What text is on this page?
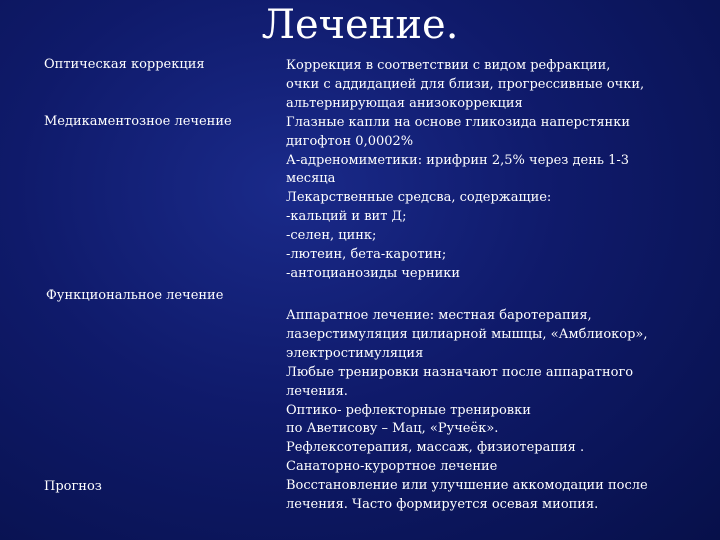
Лечение.
Оптическая коррекция
Медикаментозное лечение
Функциональное лечение
Прогноз
Коррекция в соответствии с видом рефракции,
очки с аддидацией для близи, прогрессивные очки,
альтернирующая анизокоррекция
Глазные капли на основе гликозида наперстянки
дигофтон 0,0002%
А-адреномиметики: ирифрин 2,5% через день 1-3
месяца
Лекарственные средсва, содержащие:
-кальций и вит Д;
-селен, цинк;
-лютеин, бета-каротин;
-антоцианозиды черники
Аппаратное лечение: местная баротерапия,
лазерстимуляция цилиарной мышцы, «Амблиокор»,
электростимуляция
Любые тренировки назначают после аппаратного
лечения.
Оптико- рефлекторные тренировки
по Аветисову – Мац, «Ручеёк».
Рефлексотерапия, массаж, физиотерапия .
Санаторно-курортное лечение
Восстановление или улучшение аккомодации после
лечения. Часто формируется осевая миопия.
